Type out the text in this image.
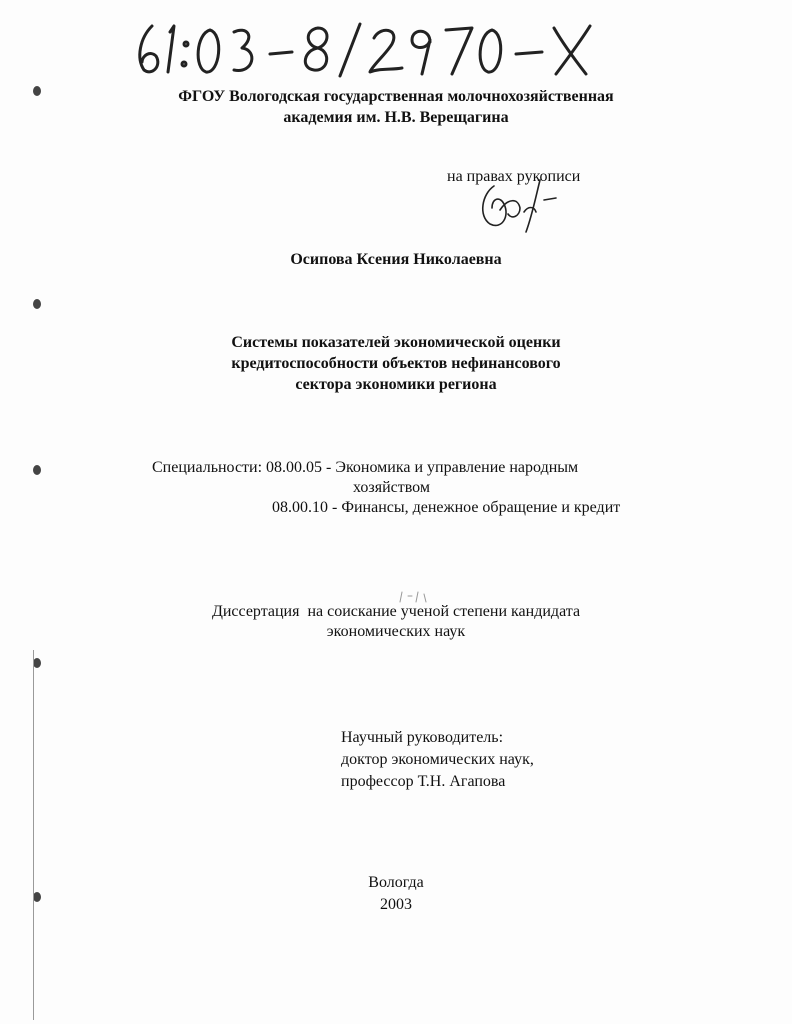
ФГОУ Вологодская государственная молочнохозяйственная
академия им. Н.В. Верещагина
на правах рукописи
Осипова Ксения Николаевна
Системы показателей экономической оценки
кредитоспособности объектов нефинансового
сектора экономики региона
Специальности: 08.00.05 - Экономика и управление народным
хозяйством
08.00.10 - Финансы, денежное обращение и кредит
Диссертация  на соискание ученой степени кандидата
экономических наук
Научный руководитель:
доктор экономических наук,
профессор Т.Н. Агапова
Вологда
2003
